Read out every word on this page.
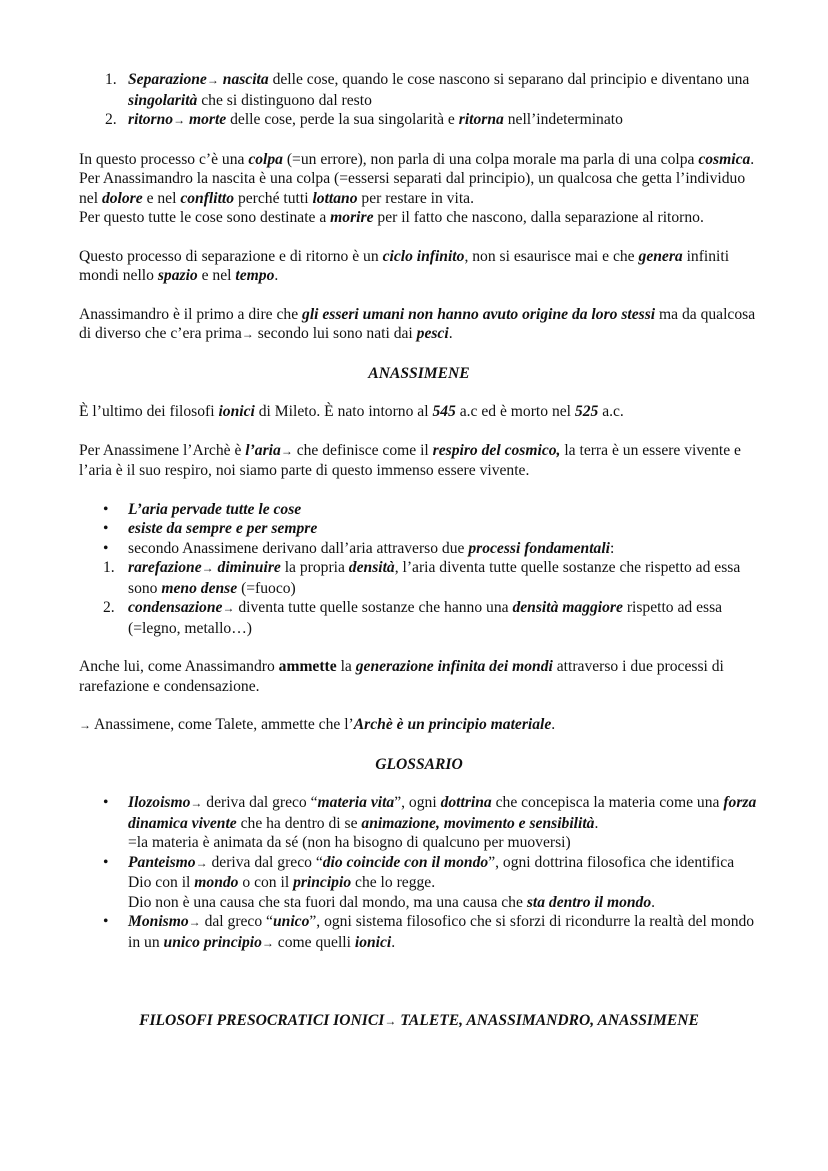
1. Separazione→ nascita delle cose, quando le cose nascono si separano dal principio e diventano una singolarità che si distinguono dal resto
2. ritorno→ morte delle cose, perde la sua singolarità e ritorna nell’indeterminato

In questo processo c’è una colpa (=un errore), non parla di una colpa morale ma parla di una colpa cosmica. Per Anassimandro la nascita è una colpa (=essersi separati dal principio), un qualcosa che getta l’individuo nel dolore e nel conflitto perché tutti lottano per restare in vita.

Per questo tutte le cose sono destinate a morire per il fatto che nascono, dalla separazione al ritorno.

Questo processo di separazione e di ritorno è un ciclo infinito, non si esaurisce mai e che genera infiniti mondi nello spazio e nel tempo.

Anassimandro è il primo a dire che gli esseri umani non hanno avuto origine da loro stessi ma da qualcosa di diverso che c’era prima→ secondo lui sono nati dai pesci.

ANASSIMENE

È l’ultimo dei filosofi ionici di Mileto. È nato intorno al 545 a.c ed è morto nel 525 a.c.

Per Anassimene l’Archè è l’aria→ che definisce come il respiro del cosmico, la terra è un essere vivente e l’aria è il suo respiro, noi siamo parte di questo immenso essere vivente.

•	L’aria pervade tutte le cose
•	esiste da sempre e per sempre
•	secondo Anassimene derivano dall’aria attraverso due processi fondamentali:
1. rarefazione→ diminuire la propria densità, l’aria diventa tutte quelle sostanze che rispetto ad essa sono meno dense (=fuoco)
2. condensazione→ diventa tutte quelle sostanze che hanno una densità maggiore rispetto ad essa (=legno, metallo…)

Anche lui, come Anassimandro ammette la generazione infinita dei mondi attraverso i due processi di rarefazione e condensazione.

→ Anassimene, come Talete, ammette che l’Archè è un principio materiale.

GLOSSARIO

•	Ilozoismo→ deriva dal greco “materia vita”, ogni dottrina che concepisca la materia come una forza dinamica vivente che ha dentro di se animazione, movimento e sensibilità.
=la materia è animata da sé (non ha bisogno di qualcuno per muoversi)
•	Panteismo→ deriva dal greco “dio coincide con il mondo”, ogni dottrina filosofica che identifica Dio con il mondo o con il principio che lo regge.
Dio non è una causa che sta fuori dal mondo, ma una causa che sta dentro il mondo.
•	Monismo→ dal greco “unico”, ogni sistema filosofico che si sforzi di ricondurre la realtà del mondo in un unico principio→ come quelli ionici.

FILOSOFI PRESOCRATICI IONICI→ TALETE, ANASSIMANDRO, ANASSIMENE
